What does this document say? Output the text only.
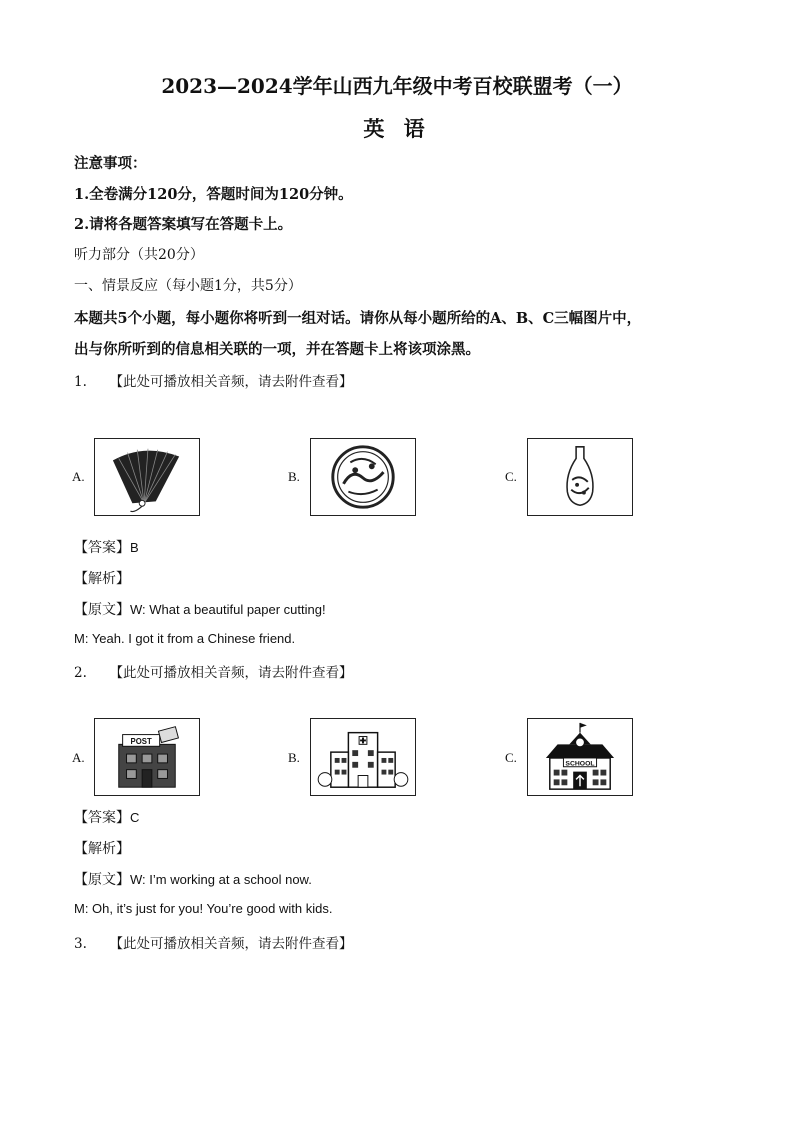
2023—2024学年山西九年级中考百校联盟考（一）
英 语
注意事项：
1.全卷满分120分，答题时间为120分钟。
2.请将各题答案填写在答题卡上。
听力部分（共20分）
一、情景反应（每小题1分，共5分）
本题共5个小题，每小题你将听到一组对话。请你从每小题所给的A、B、C三幅图片中，
出与你所听到的信息相关联的一项，并在答题卡上将该项涂黑。
1. 【此处可播放相关音频，请去附件查看】
A.	B.	C.
【答案】B
【解析】
【原文】W: What a beautiful paper cutting!
M: Yeah. I got it from a Chinese friend.
2. 【此处可播放相关音频，请去附件查看】
A.
POST
B.	C.	SCHOOL
【答案】C
【解析】
【原文】W: I’m working at a school now.
M: Oh, it’s just for you! You’re good with kids.
3. 【此处可播放相关音频，请去附件查看】
